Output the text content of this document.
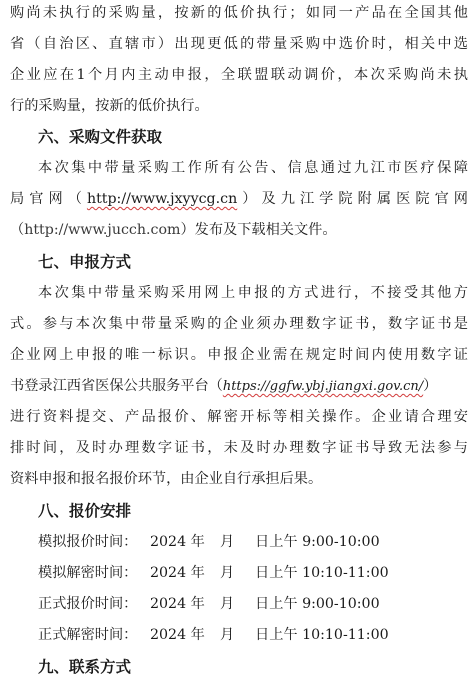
购尚未执行的采购量，按新的低价执行；如同一产品在全国其他
省（自治区、直辖市）出现更低的带量采购中选价时，相关中选
企业应在1个月内主动申报，全联盟联动调价，本次采购尚未执
行的采购量，按新的低价执行。
六、采购文件获取
本次集中带量采购工作所有公告、信息通过九江市医疗保障
局官网（http://www.jxyycg.cn）及九江学院附属医院官网
（http://www.jucch.com）发布及下载相关文件。
七、申报方式
本次集中带量采购采用网上申报的方式进行，不接受其他方
式。参与本次集中带量采购的企业须办理数字证书，数字证书是
企业网上申报的唯一标识。申报企业需在规定时间内使用数字证
书登录江西省医保公共服务平台（https://ggfw.ybj.jiangxi.gov.cn/）
进行资料提交、产品报价、解密开标等相关操作。企业请合理安
排时间，及时办理数字证书，未及时办理数字证书导致无法参与
资料申报和报名报价环节，由企业自行承担后果。
八、报价安排
模拟报价时间： 2024 年 月 日上午 9:00-10:00
模拟解密时间： 2024 年 月 日上午 10:10-11:00
正式报价时间： 2024 年 月 日上午 9:00-10:00
正式解密时间： 2024 年 月 日上午 10:10-11:00
九、联系方式
